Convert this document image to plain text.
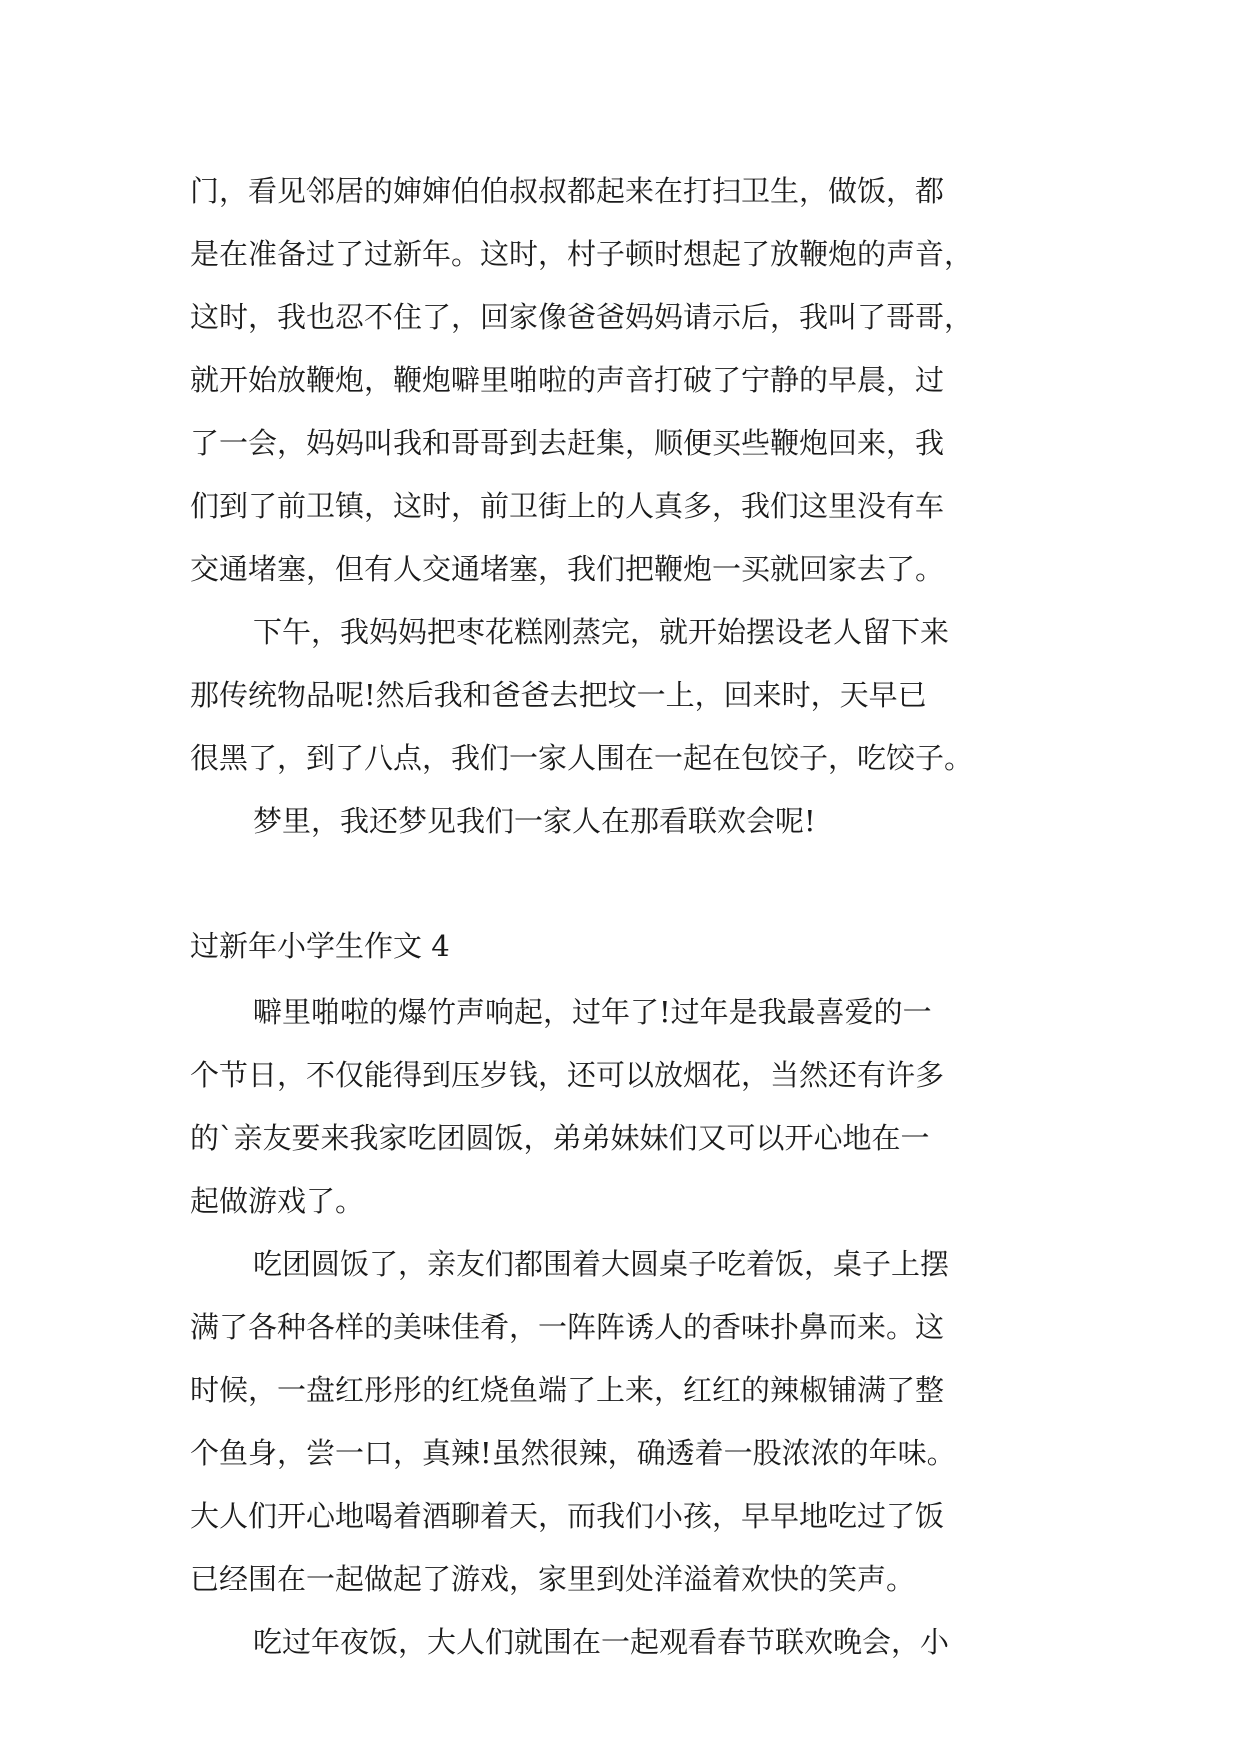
门，看见邻居的婶婶伯伯叔叔都起来在打扫卫生，做饭，都
是在准备过了过新年。这时，村子顿时想起了放鞭炮的声音，
这时，我也忍不住了，回家像爸爸妈妈请示后，我叫了哥哥，
就开始放鞭炮，鞭炮噼里啪啦的声音打破了宁静的早晨，过
了一会，妈妈叫我和哥哥到去赶集，顺便买些鞭炮回来，我
们到了前卫镇，这时，前卫街上的人真多，我们这里没有车
交通堵塞，但有人交通堵塞，我们把鞭炮一买就回家去了。
下午，我妈妈把枣花糕刚蒸完，就开始摆设老人留下来
那传统物品呢!然后我和爸爸去把坟一上，回来时，天早已
很黑了，到了八点，我们一家人围在一起在包饺子，吃饺子。
梦里，我还梦见我们一家人在那看联欢会呢!
过新年小学生作文 4
噼里啪啦的爆竹声响起，过年了!过年是我最喜爱的一
个节日，不仅能得到压岁钱，还可以放烟花，当然还有许多
的`亲友要来我家吃团圆饭，弟弟妹妹们又可以开心地在一
起做游戏了。
吃团圆饭了，亲友们都围着大圆桌子吃着饭，桌子上摆
满了各种各样的美味佳肴，一阵阵诱人的香味扑鼻而来。这
时候，一盘红彤彤的红烧鱼端了上来，红红的辣椒铺满了整
个鱼身，尝一口，真辣!虽然很辣，确透着一股浓浓的年味。
大人们开心地喝着酒聊着天，而我们小孩，早早地吃过了饭
已经围在一起做起了游戏，家里到处洋溢着欢快的笑声。
吃过年夜饭，大人们就围在一起观看春节联欢晚会，小
